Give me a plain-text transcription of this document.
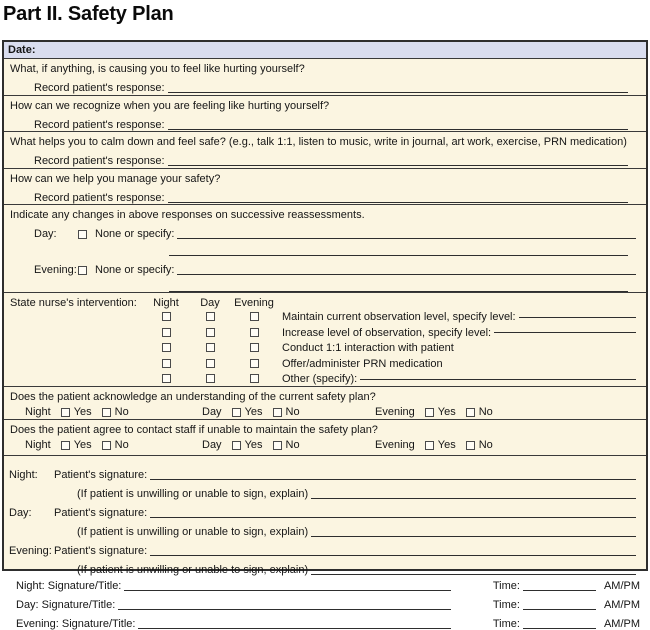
Part II. Safety Plan
Date:
What, if anything, is causing you to feel like hurting yourself?
Record patient's response:
How can we recognize when you are feeling like hurting yourself?
Record patient's response:
What helps you to calm down and feel safe? (e.g., talk 1:1, listen to music, write in journal, art work, exercise, PRN medication)
Record patient's response:
How can we help you manage your safety?
Record patient's response:
Indicate any changes in above responses on successive reassessments.
Day:	None or specify:
Evening: None or specify:
State nurse's intervention:	Night	Day	Evening
Maintain current observation level, specify level:
Increase level of observation, specify level:
Conduct 1:1 interaction with patient
Offer/administer PRN medication
Other (specify):
Does the patient acknowledge an understanding of the current safety plan?
Night Yes No	Day Yes No	Evening Yes No
Does the patient agree to contact staff if unable to maintain the safety plan?
Night Yes No	Day Yes No	Evening Yes No
Night:	Patient's signature:
(If patient is unwilling or unable to sign, explain)
Day:	Patient's signature:
(If patient is unwilling or unable to sign, explain)
Evening: Patient's signature:
(If patient is unwilling or unable to sign, explain)
Night: Signature/Title:	Time:	AM/PM
Day: Signature/Title:	Time:	AM/PM
Evening: Signature/Title:	Time:	AM/PM
